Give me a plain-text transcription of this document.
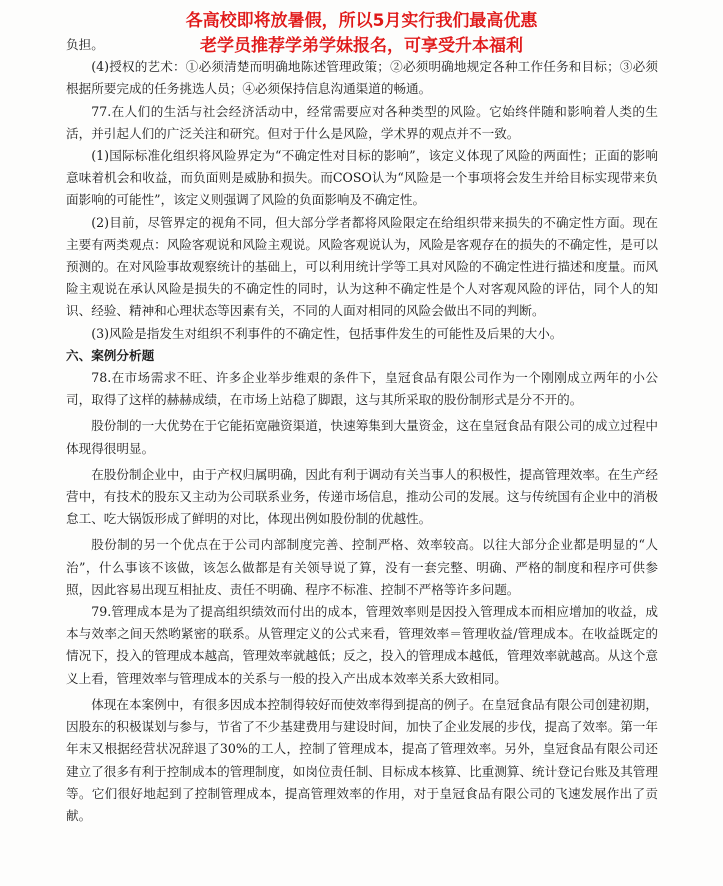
负担。

(4)授权的艺术：①必须清楚而明确地陈述管理政策；②必须明确地规定各种工作任务和目标；③必须根据所要完成的任务挑选人员；④必须保持信息沟通渠道的畅通。

77.在人们的生活与社会经济活动中，经常需要应对各种类型的风险。它始终伴随和影响着人类的生活，并引起人们的广泛关注和研究。但对于什么是风险，学术界的观点并不一致。

(1)国际标准化组织将风险界定为“不确定性对目标的影响”，该定义体现了风险的两面性；正面的影响意味着机会和收益，而负面则是威胁和损失。而COSO认为“风险是一个事项将会发生并给目标实现带来负面影响的可能性”，该定义则强调了风险的负面影响及不确定性。

(2)目前，尽管界定的视角不同，但大部分学者都将风险限定在给组织带来损失的不确定性方面。现在主要有两类观点：风险客观说和风险主观说。风险客观说认为，风险是客观存在的损失的不确定性，是可以预测的。在对风险事故观察统计的基础上，可以利用统计学等工具对风险的不确定性进行描述和度量。而风险主观说在承认风险是损失的不确定性的同时，认为这种不确定性是个人对客观风险的评估，同个人的知识、经验、精神和心理状态等因素有关，不同的人面对相同的风险会做出不同的判断。

(3)风险是指发生对组织不利事件的不确定性，包括事件发生的可能性及后果的大小。

六、案例分析题

78.在市场需求不旺、许多企业举步维艰的条件下，皇冠食品有限公司作为一个刚刚成立两年的小公司，取得了这样的赫赫成绩，在市场上站稳了脚跟，这与其所采取的股份制形式是分不开的。

股份制的一大优势在于它能拓宽融资渠道，快速筹集到大量资金，这在皇冠食品有限公司的成立过程中体现得很明显。

在股份制企业中，由于产权归属明确，因此有利于调动有关当事人的积极性，提高管理效率。在生产经营中，有技术的股东又主动为公司联系业务，传递市场信息，推动公司的发展。这与传统国有企业中的消极怠工、吃大锅饭形成了鲜明的对比，体现出例如股份制的优越性。

股份制的另一个优点在于公司内部制度完善、控制严格、效率较高。以往大部分企业都是明显的“人治”，什么事该不该做，该怎么做都是有关领导说了算，没有一套完整、明确、严格的制度和程序可供参照，因此容易出现互相扯皮、责任不明确、程序不标准、控制不严格等许多问题。

79.管理成本是为了提高组织绩效而付出的成本，管理效率则是因投入管理成本而相应增加的收益，成本与效率之间天然哟紧密的联系。从管理定义的公式来看，管理效率＝管理收益/管理成本。在收益既定的情况下，投入的管理成本越高，管理效率就越低；反之，投入的管理成本越低，管理效率就越高。从这个意义上看，管理效率与管理成本的关系与一般的投入产出成本效率关系大致相同。

体现在本案例中，有很多因成本控制得较好而使效率得到提高的例子。在皇冠食品有限公司创建初期，因股东的积极谋划与参与，节省了不少基建费用与建设时间，加快了企业发展的步伐，提高了效率。第一年年末又根据经营状况辞退了30%的工人，控制了管理成本，提高了管理效率。另外，皇冠食品有限公司还建立了很多有利于控制成本的管理制度，如岗位责任制、目标成本核算、比重测算、统计登记台账及其管理等。它们很好地起到了控制管理成本，提高管理效率的作用，对于皇冠食品有限公司的飞速发展作出了贡献。

各高校即将放暑假，所以5月实行我们最高优惠
老学员推荐学弟学妹报名，可享受升本福利
